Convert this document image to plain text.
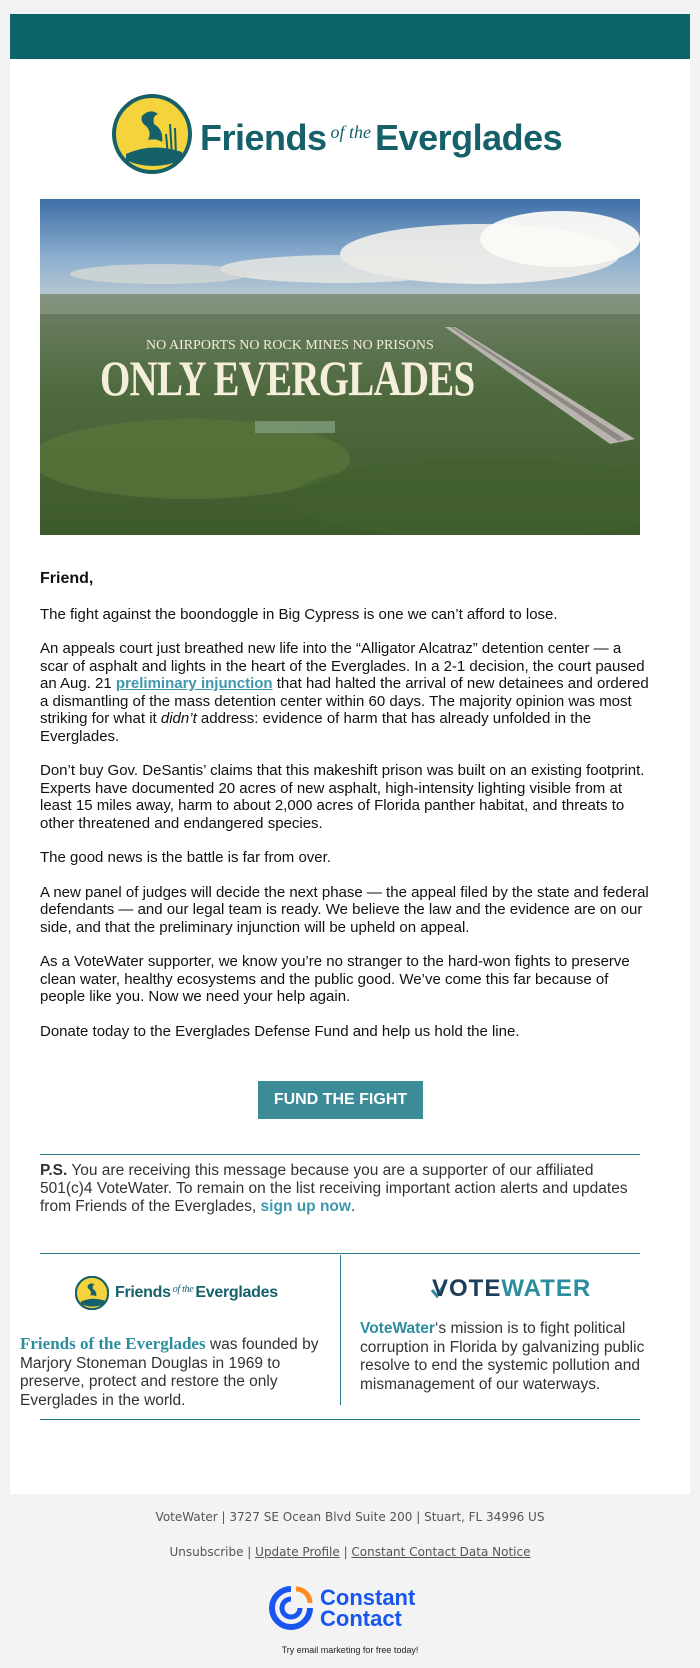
Friends of the Everglades
NO AIRPORTS NO ROCK MINES NO PRISONS
ONLY EVERGLADES

Friend,

The fight against the boondoggle in Big Cypress is one we can’t afford to lose.

An appeals court just breathed new life into the “Alligator Alcatraz” detention center — a scar of asphalt and lights in the heart of the Everglades. In a 2-1 decision, the court paused an Aug. 21 preliminary injunction that had halted the arrival of new detainees and ordered a dismantling of the mass detention center within 60 days. The majority opinion was most striking for what it didn’t address: evidence of harm that has already unfolded in the Everglades.

Don’t buy Gov. DeSantis’ claims that this makeshift prison was built on an existing footprint. Experts have documented 20 acres of new asphalt, high-intensity lighting visible from at least 15 miles away, harm to about 2,000 acres of Florida panther habitat, and threats to other threatened and endangered species.

The good news is the battle is far from over.

A new panel of judges will decide the next phase — the appeal filed by the state and federal defendants — and our legal team is ready. We believe the law and the evidence are on our side, and that the preliminary injunction will be upheld on appeal.

As a VoteWater supporter, we know you’re no stranger to the hard-won fights to preserve clean water, healthy ecosystems and the public good. We’ve come this far because of people like you. Now we need your help again.

Donate today to the Everglades Defense Fund and help us hold the line.

FUND THE FIGHT
P.S. You are receiving this message because you are a supporter of our affiliated 501(c)4 VoteWater. To remain on the list receiving important action alerts and updates from Friends of the Everglades, sign up now.
Friends $^{of the}$ Everglades
Friends of the Everglades was founded by Marjory Stoneman Douglas in 1969 to preserve, protect and restore the only Everglades in the world.
VOTE WATER
VoteWater‘s mission is to fight political corruption in Florida by galvanizing public resolve to end the systemic pollution and mismanagement of our waterways.
VoteWater | 3727 SE Ocean Blvd Suite 200 | Stuart, FL 34996 US
Unsubscribe | Update Profile | Constant Contact Data Notice
Constant
Contact
Try email marketing for free today!
